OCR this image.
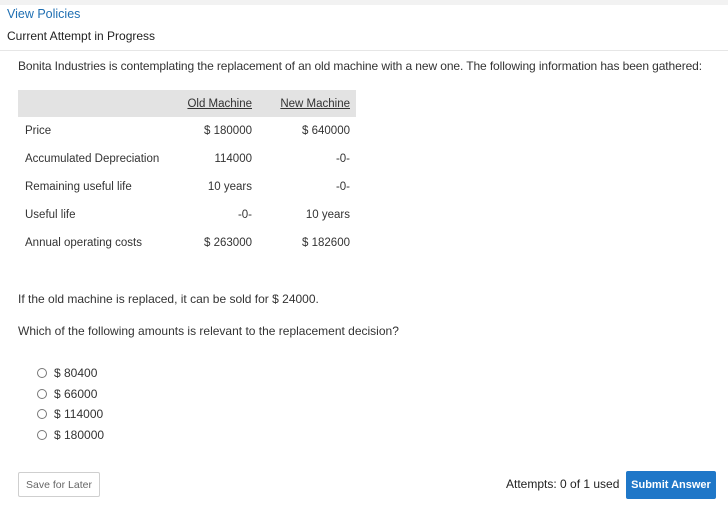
View Policies
Current Attempt in Progress
Bonita Industries is contemplating the replacement of an old machine with a new one. The following information has been gathered:
	Old Machine	New Machine
Price	$ 180000	$ 640000
Accumulated Depreciation	114000	-0-
Remaining useful life	10 years	-0-
Useful life	-0-	10 years
Annual operating costs	$ 263000	$ 182600
If the old machine is replaced, it can be sold for $ 24000.
Which of the following amounts is relevant to the replacement decision?
$ 80400
$ 66000
$ 114000
$ 180000
Save for Later	Attempts: 0 of 1 used	Submit Answer
